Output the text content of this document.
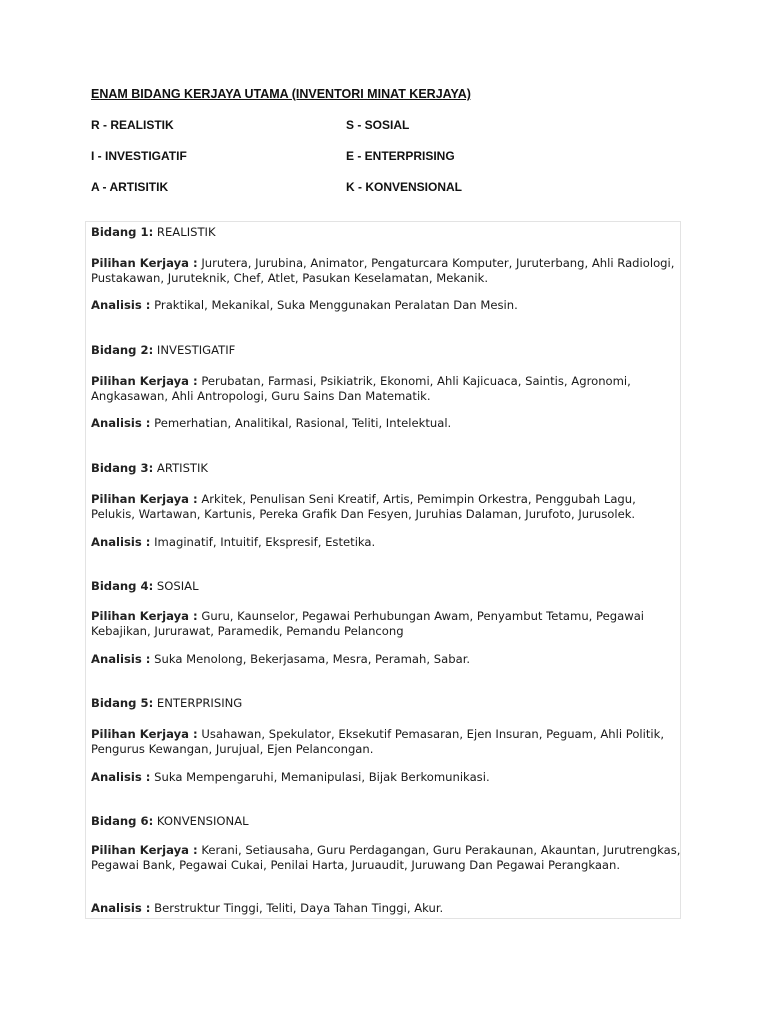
ENAM BIDANG KERJAYA UTAMA (INVENTORI MINAT KERJAYA)
R - REALISTIK	S - SOSIAL
I - INVESTIGATIF	E - ENTERPRISING
A - ARTISITIK	K - KONVENSIONAL
Bidang 1: REALISTIK
Pilihan Kerjaya : Jurutera, Jurubina, Animator, Pengaturcara Komputer, Juruterbang, Ahli Radiologi, Pustakawan, Juruteknik, Chef, Atlet, Pasukan Keselamatan, Mekanik.
Analisis : Praktikal, Mekanikal, Suka Menggunakan Peralatan Dan Mesin.
Bidang 2: INVESTIGATIF
Pilihan Kerjaya : Perubatan, Farmasi, Psikiatrik, Ekonomi, Ahli Kajicuaca, Saintis, Agronomi, Angkasawan, Ahli Antropologi, Guru Sains Dan Matematik.
Analisis : Pemerhatian, Analitikal, Rasional, Teliti, Intelektual.
Bidang 3: ARTISTIK
Pilihan Kerjaya : Arkitek, Penulisan Seni Kreatif, Artis, Pemimpin Orkestra, Penggubah Lagu, Pelukis, Wartawan, Kartunis, Pereka Grafik Dan Fesyen, Juruhias Dalaman, Jurufoto, Jurusolek.
Analisis : Imaginatif, Intuitif, Ekspresif, Estetika.
Bidang 4: SOSIAL
Pilihan Kerjaya : Guru, Kaunselor, Pegawai Perhubungan Awam, Penyambut Tetamu, Pegawai Kebajikan, Jururawat, Paramedik, Pemandu Pelancong
Analisis : Suka Menolong, Bekerjasama, Mesra, Peramah, Sabar.
Bidang 5: ENTERPRISING
Pilihan Kerjaya : Usahawan, Spekulator, Eksekutif Pemasaran, Ejen Insuran, Peguam, Ahli Politik, Pengurus Kewangan, Jurujual, Ejen Pelancongan.
Analisis : Suka Mempengaruhi, Memanipulasi, Bijak Berkomunikasi.
Bidang 6: KONVENSIONAL
Pilihan Kerjaya : Kerani, Setiausaha, Guru Perdagangan, Guru Perakaunan, Akauntan, Jurutrengkas, Pegawai Bank, Pegawai Cukai, Penilai Harta, Juruaudit, Juruwang Dan Pegawai Perangkaan.
Analisis : Berstruktur Tinggi, Teliti, Daya Tahan Tinggi, Akur.
